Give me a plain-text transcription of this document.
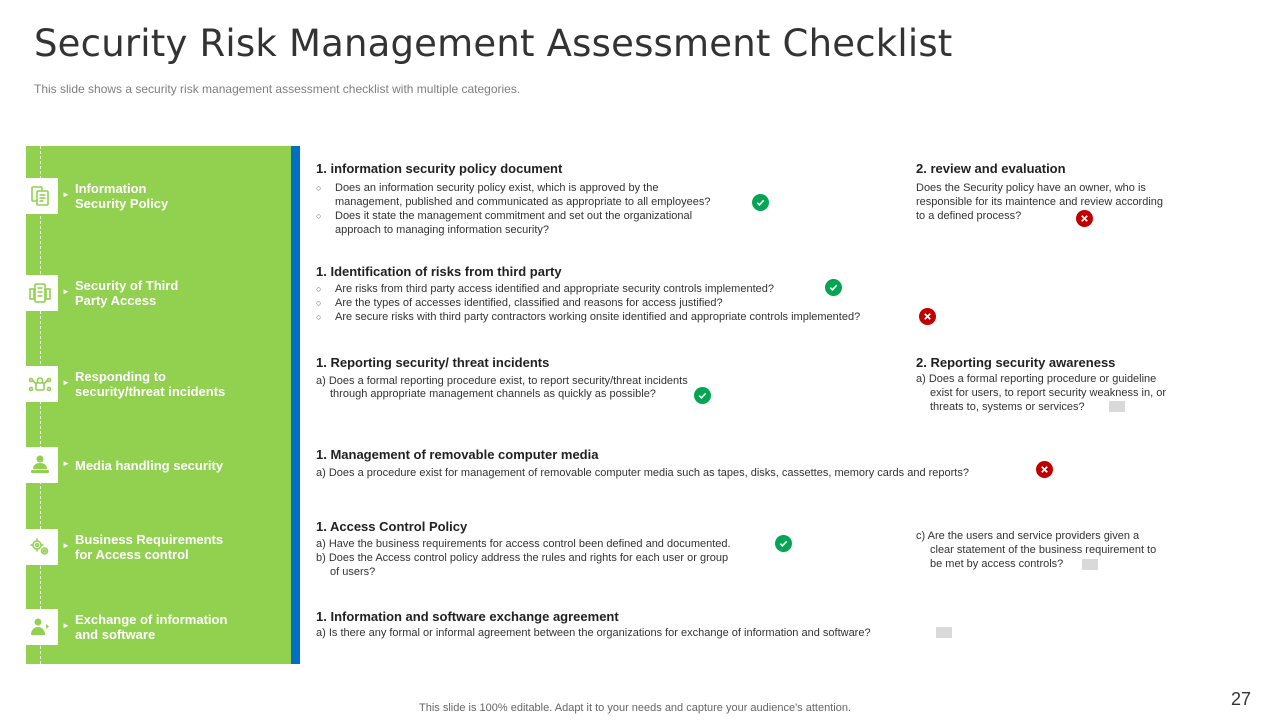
Security Risk Management Assessment Checklist
This slide shows a security risk management assessment checklist with multiple categories.
► Information
Security Policy
► Security of Third
Party Access
► Responding to
security/threat incidents
► Media handling security
► Business Requirements
for Access control
► Exchange of information
and software
1. information security policy document
○ Does an information security policy exist, which is approved by the
management, published and communicated as appropriate to all employees?
○ Does it state the management commitment and set out the organizational
approach to managing information security?
2. review and evaluation
Does the Security policy have an owner, who is
responsible for its maintence and review according
to a defined process?
1. Identification of risks from third party
○ Are risks from third party access identified and appropriate security controls implemented?
○ Are the types of accesses identified, classified and reasons for access justified?
○ Are secure risks with third party contractors working onsite identified and appropriate controls implemented?
1. Reporting security/ threat incidents
a) Does a formal reporting procedure exist, to report security/threat incidents
through appropriate management channels as quickly as possible?
2. Reporting security awareness
a) Does a formal reporting procedure or guideline
exist for users, to report security weakness in, or
threats to, systems or services?
1. Management of removable computer media
a) Does a procedure exist for management of removable computer media such as tapes, disks, cassettes, memory cards and reports?
1. Access Control Policy
a) Have the business requirements for access control been defined and documented.
b) Does the Access control policy address the rules and rights for each user or group
of users?
c) Are the users and service providers given a
clear statement of the business requirement to
be met by access controls?
1. Information and software exchange agreement
a) Is there any formal or informal agreement between the organizations for exchange of information and software?
This slide is 100% editable. Adapt it to your needs and capture your audience's attention.	27
